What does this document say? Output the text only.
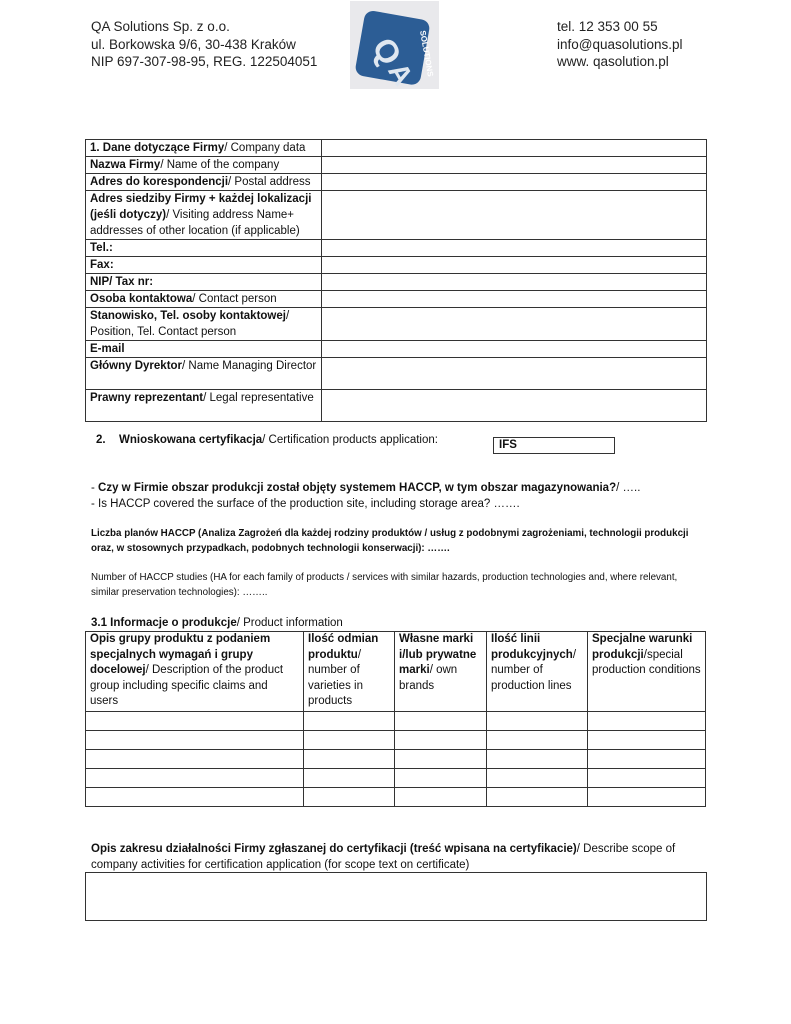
QA Solutions Sp. z o.o.
ul. Borkowska 9/6, 30-438 Kraków
NIP 697-307-98-95, REG. 122504051 Q
A
SOLUTIONS
tel. 12 353 00 55
info@quasolutions.pl
www. qasolution.pl
1. Dane dotyczące Firmy/ Company data	
Nazwa Firmy/ Name of the company	
Adres do korespondencji/ Postal address	
Adres siedziby Firmy + każdej lokalizacji (jeśli dotyczy)/ Visiting address Name+ addresses of other location (if applicable)	
Tel.:	
Fax:	
NIP/ Tax nr:	
Osoba kontaktowa/ Contact person	
Stanowisko, Tel. osoby kontaktowej/ Position, Tel. Contact person	
E-mail	
Główny Dyrektor/ Name Managing Director	
Prawny reprezentant/ Legal representative	
2. Wnioskowana certyfikacja/ Certification products application:	IFS
- Czy w Firmie obszar produkcji został objęty systemem HACCP, w tym obszar magazynowania?/ …..
- Is HACCP covered the surface of the production site, including storage area? …….
Liczba planów HACCP (Analiza Zagrożeń dla każdej rodziny produktów / usług z podobnymi zagrożeniami, technologii produkcji oraz, w stosownych przypadkach, podobnych technologii konserwacji): …….
Number of HACCP studies (HA for each family of products / services with similar hazards, production technologies and, where relevant, similar preservation technologies): ……..
3.1 Informacje o produkcje/ Product information
Opis grupy produktu z podaniem specjalnych wymagań i grupy docelowej/ Description of the product group including specific claims and users	Ilość odmian produktu/ number of varieties in products	Własne marki i/lub prywatne marki/ own brands	Ilość linii produkcyjnych/ number of production lines	Specjalne warunki produkcji/special production conditions

Opis zakresu działalności Firmy zgłaszanej do certyfikacji (treść wpisana na certyfikacie)/ Describe scope of company activities for certification application (for scope text on certificate)
